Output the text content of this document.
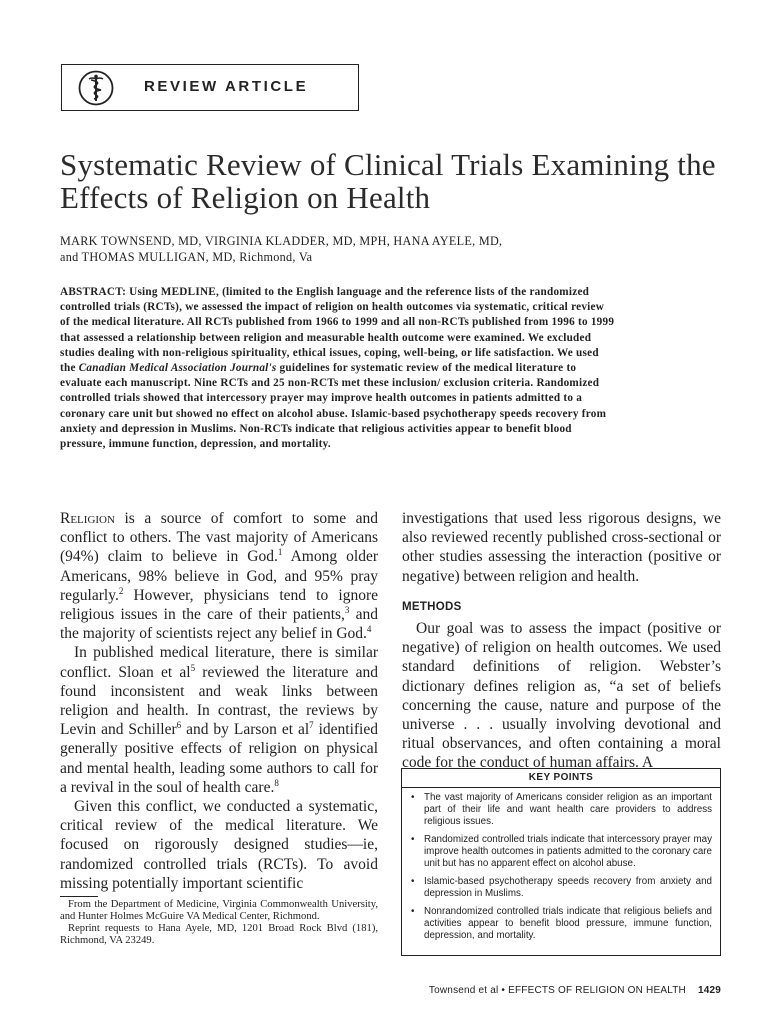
REVIEW ARTICLE
Systematic Review of Clinical Trials Examining the Effects of Religion on Health
MARK TOWNSEND, MD, VIRGINIA KLADDER, MD, MPH, HANA AYELE, MD,
and THOMAS MULLIGAN, MD, Richmond, Va
ABSTRACT: Using MEDLINE, (limited to the English language and the reference lists of the randomized controlled trials (RCTs), we assessed the impact of religion on health outcomes via systematic, critical review of the medical literature. All RCTs published from 1966 to 1999 and all non-RCTs published from 1996 to 1999 that assessed a relationship between religion and measurable health outcome were examined. We excluded studies dealing with non-religious spirituality, ethical issues, coping, well-being, or life satisfaction. We used the Canadian Medical Association Journal's guidelines for systematic review of the medical literature to evaluate each manuscript. Nine RCTs and 25 non-RCTs met these inclusion/ exclusion criteria. Randomized controlled trials showed that intercessory prayer may improve health outcomes in patients admitted to a coronary care unit but showed no effect on alcohol abuse. Islamic-based psychotherapy speeds recovery from anxiety and depression in Muslims. Non-RCTs indicate that religious activities appear to benefit blood pressure, immune function, depression, and mortality.

Religion is a source of comfort to some and conflict to others. The vast majority of Americans (94%) claim to believe in God.$^1$ Among older Americans, 98% believe in God, and 95% pray regularly.$^2$ However, physicians tend to ignore religious issues in the care of their patients,$^3$ and the majority of scientists reject any belief in God.$^4$

In published medical literature, there is similar conflict. Sloan et al$^5$ reviewed the literature and found inconsistent and weak links between religion and health. In contrast, the reviews by Levin and Schiller$^6$ and by Larson et al$^7$ identified generally positive effects of religion on physical and mental health, leading some authors to call for a revival in the soul of health care.$^8$

Given this conflict, we conducted a systematic, critical review of the medical literature. We focused on rigorously designed studies—ie, randomized controlled trials (RCTs). To avoid missing potentially important scientific

From the Department of Medicine, Virginia Commonwealth University, and Hunter Holmes McGuire VA Medical Center, Richmond.

Reprint requests to Hana Ayele, MD, 1201 Broad Rock Blvd (181), Richmond, VA 23249.

investigations that used less rigorous designs, we also reviewed recently published cross-sectional or other studies assessing the interaction (positive or negative) between religion and health.

METHODS

Our goal was to assess the impact (positive or negative) of religion on health outcomes. We used standard definitions of religion. Webster’s dictionary defines religion as, “a set of beliefs concerning the cause, nature and purpose of the universe . . . usually involving devotional and ritual observances, and often containing a moral code for the conduct of human affairs. A

KEY POINTS
• The vast majority of Americans consider religion as an important part of their life and want health care providers to address religious issues.
• Randomized controlled trials indicate that intercessory prayer may improve health outcomes in patients admitted to the coronary care unit but has no apparent effect on alcohol abuse.
• Islamic-based psychotherapy speeds recovery from anxiety and depression in Muslims.
• Nonrandomized controlled trials indicate that religious beliefs and activities appear to benefit blood pressure, immune function, depression, and mortality.
Townsend et al • EFFECTS OF RELIGION ON HEALTH 1429
